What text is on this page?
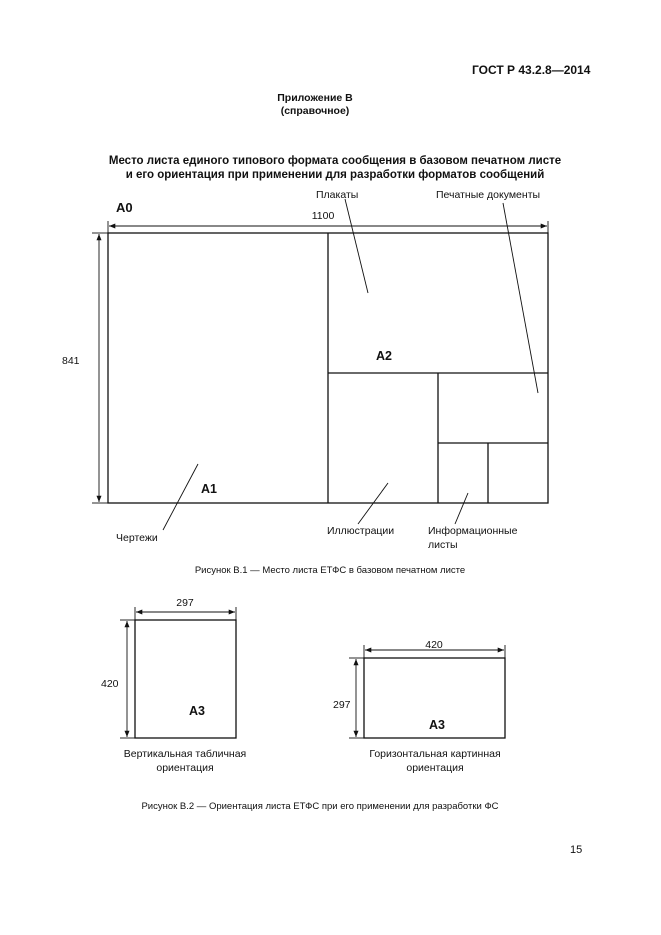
ГОСТ Р 43.2.8—2014
Приложение В
(справочное)
Место листа единого типового формата сообщения в базовом печатном листе
и его ориентация при применении для разработки форматов сообщений
A0
1100
841	A2
A1
Плакаты	Печатные документы
Чертежи
Иллюстрации	Информационные
листы
Рисунок В.1 — Место листа ЕТФС в базовом печатном листе
297
420
A3
Вертикальная табличная
ориентация
420
297
A3
Горизонтальная картинная
ориентация
Рисунок В.2 — Ориентация листа ЕТФС при его применении для разработки ФС
15
